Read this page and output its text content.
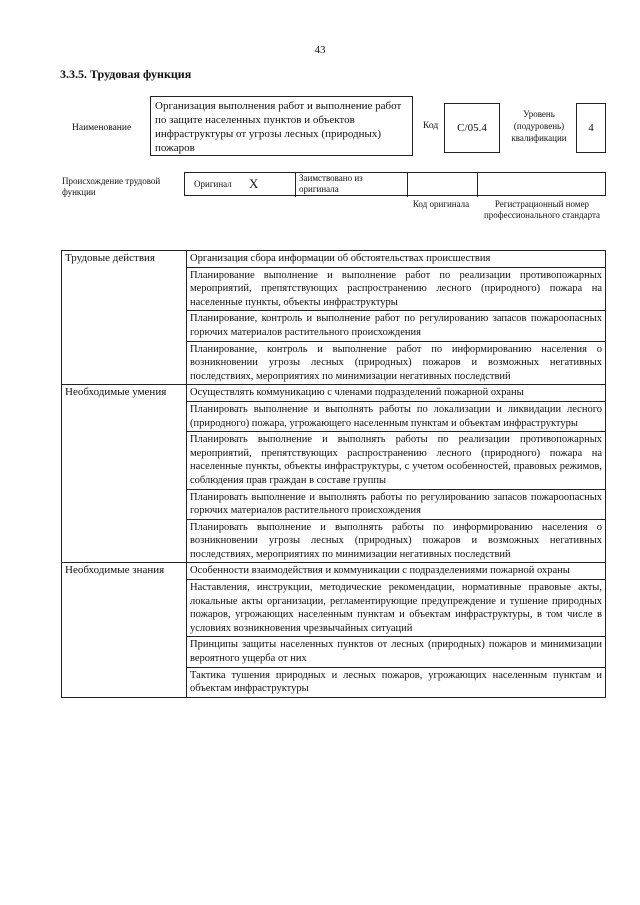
43
3.3.5. Трудовая функция
Наименование
Организация выполнения работ и выполнение работ по защите населенных пунктов и объектов инфраструктуры от угрозы лесных (природных) пожаров
Код C/05.4
Уровень (подуровень) квалификации
4
Происхождение трудовой функции
Оригинал X	Заимствовано из оригинала
Код оригинала	Регистрационный номер профессионального стандарта
Трудовые действия	Организация сбора информации об обстоятельствах происшествия
	Планирование выполнение и выполнение работ по реализации противопожарных мероприятий, препятствующих распространению лесного (природного) пожара на населенные пункты, объекты инфраструктуры
	Планирование, контроль и выполнение работ по регулированию запасов пожароопасных горючих материалов растительного происхождения
	Планирование, контроль и выполнение работ по информированию населения о возникновении угрозы лесных (природных) пожаров и возможных негативных последствиях, мероприятиях по минимизации негативных последствий
Необходимые умения	Осуществлять коммуникацию с членами подразделений пожарной охраны
	Планировать выполнение и выполнять работы по локализации и ликвидации лесного (природного) пожара, угрожающего населенным пунктам и объектам инфраструктуры
	Планировать выполнение и выполнять работы по реализации противопожарных мероприятий, препятствующих распространению лесного (природного) пожара на населенные пункты, объекты инфраструктуры, с учетом особенностей, правовых режимов, соблюдения прав граждан в составе группы
	Планировать выполнение и выполнять работы по регулированию запасов пожароопасных горючих материалов растительного происхождения
	Планировать выполнение и выполнять работы по информированию населения о возникновении угрозы лесных (природных) пожаров и возможных негативных последствиях, мероприятиях по минимизации негативных последствий
Необходимые знания	Особенности взаимодействия и коммуникации с подразделениями пожарной охраны
	Наставления, инструкции, методические рекомендации, нормативные правовые акты, локальные акты организации, регламентирующие предупреждение и тушение природных пожаров, угрожающих населенным пунктам и объектам инфраструктуры, в том числе в условиях возникновения чрезвычайных ситуаций
	Принципы защиты населенных пунктов от лесных (природных) пожаров и минимизации вероятного ущерба от них
	Тактика тушения природных и лесных пожаров, угрожающих населенным пунктам и объектам инфраструктуры
